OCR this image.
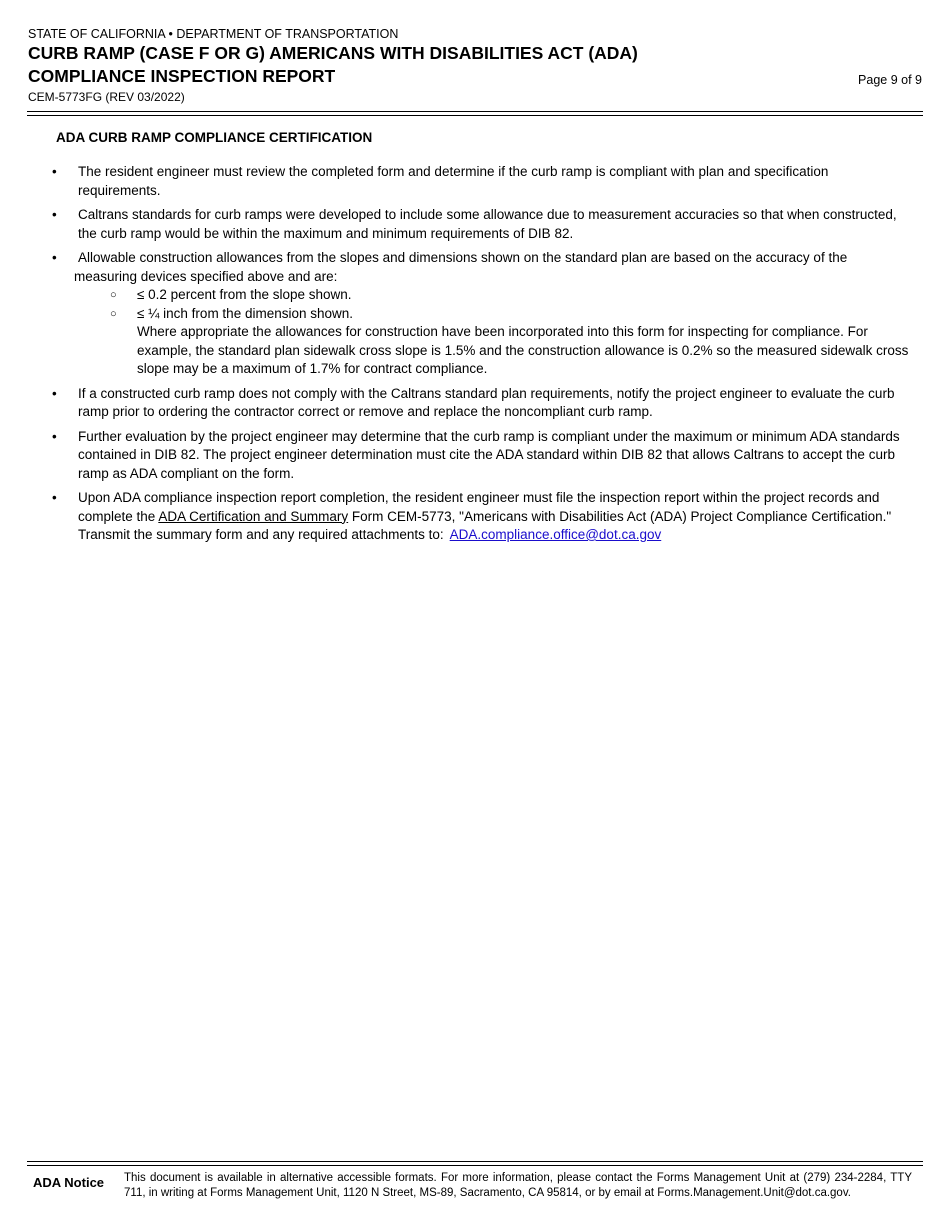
STATE OF CALIFORNIA • DEPARTMENT OF TRANSPORTATION
CURB RAMP (CASE F OR G) AMERICANS WITH DISABILITIES ACT (ADA)
COMPLIANCE INSPECTION REPORT
CEM-5773FG (REV 03/2022)
Page 9 of 9
ADA CURB RAMP COMPLIANCE CERTIFICATION
• The resident engineer must review the completed form and determine if the curb ramp is compliant with plan and specification requirements.
• Caltrans standards for curb ramps were developed to include some allowance due to measurement accuracies so that when constructed, the curb ramp would be within the maximum and minimum requirements of DIB 82.
• Allowable construction allowances from the slopes and dimensions shown on the standard plan are based on the accuracy of the measuring devices specified above and are:
○ ≤ 0.2 percent from the slope shown.
○ ≤ ¼ inch from the dimension shown.
Where appropriate the allowances for construction have been incorporated into this form for inspecting for compliance. For example, the standard plan sidewalk cross slope is 1.5% and the construction allowance is 0.2% so the measured sidewalk cross slope may be a maximum of 1.7% for contract compliance.
• If a constructed curb ramp does not comply with the Caltrans standard plan requirements, notify the project engineer to evaluate the curb ramp prior to ordering the contractor correct or remove and replace the noncompliant curb ramp.
• Further evaluation by the project engineer may determine that the curb ramp is compliant under the maximum or minimum ADA standards contained in DIB 82. The project engineer determination must cite the ADA standard within DIB 82 that allows Caltrans to accept the curb ramp as ADA compliant on the form.
• Upon ADA compliance inspection report completion, the resident engineer must file the inspection report within the project records and complete the ADA Certification and Summary Form CEM-5773, "Americans with Disabilities Act (ADA) Project Compliance Certification." Transmit the summary form and any required attachments to: ADA.compliance.office@dot.ca.gov
ADA Notice This document is available in alternative accessible formats. For more information, please contact the Forms Management Unit at (279) 234-2284, TTY 711, in writing at Forms Management Unit, 1120 N Street, MS-89, Sacramento, CA 95814, or by email at Forms.Management.Unit@dot.ca.gov.
